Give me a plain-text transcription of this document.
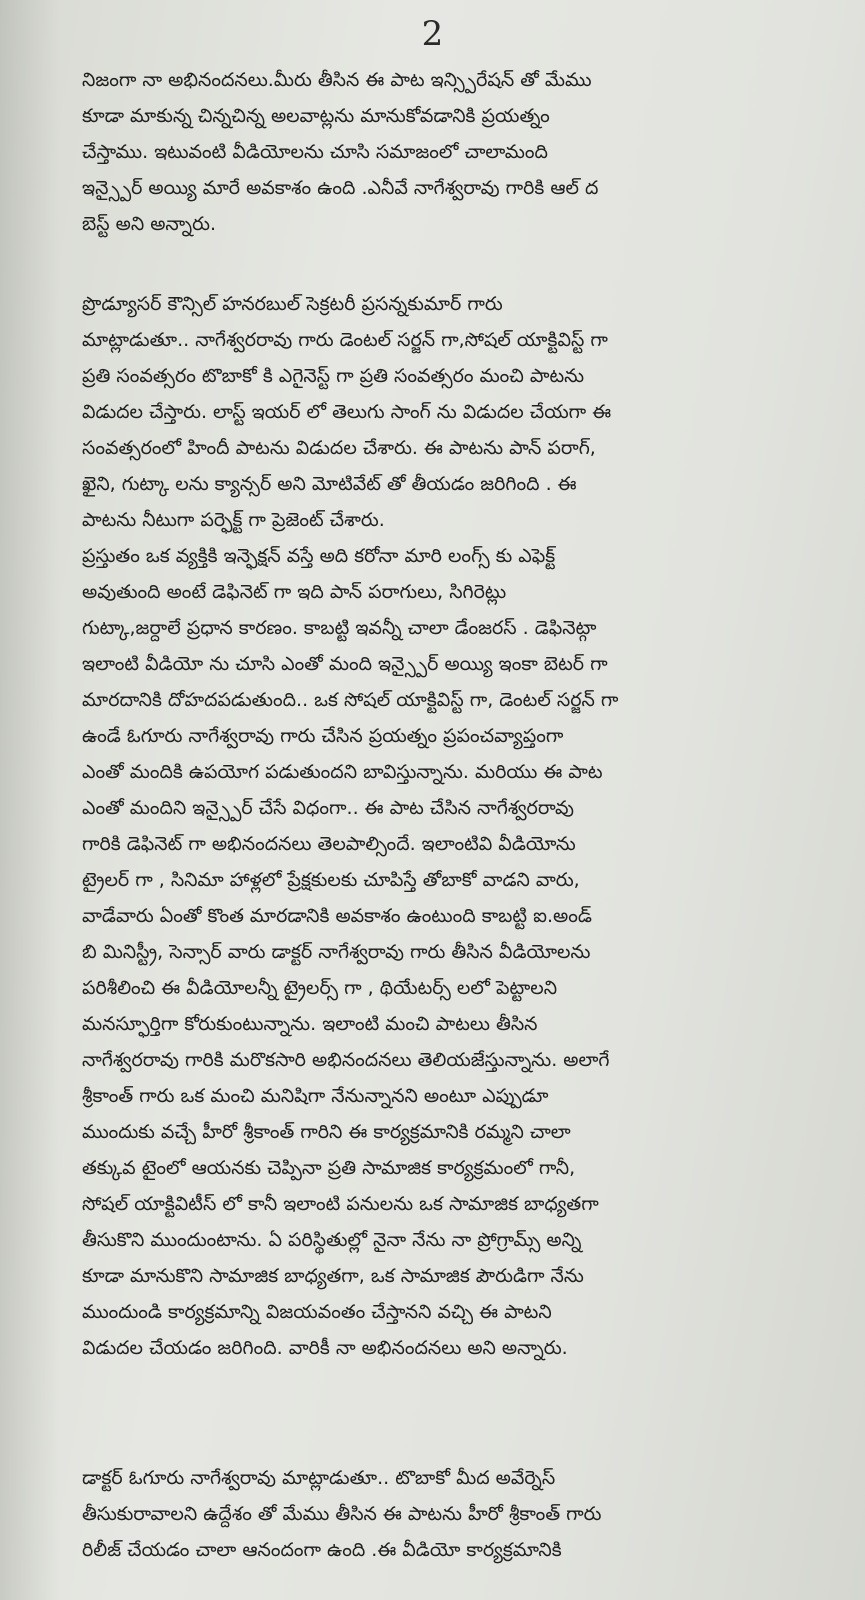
2
నిజంగా నా అభినందనలు.మీరు తీసిన ఈ పాట ఇన్స్పిరేషన్ తో మేము
కూడా మాకున్న చిన్నచిన్న అలవాట్లను మానుకోవడానికి ప్రయత్నం
చేస్తాము. ఇటువంటి వీడియోలను చూసి సమాజంలో చాలామంది
ఇన్స్పైర్ అయ్యి మారే అవకాశం ఉంది .ఎనీవే నాగేశ్వరావు గారికి ఆల్ ద
బెస్ట్ అని అన్నారు.
ప్రొడ్యూసర్ కౌన్సిల్ హనరబుల్ సెక్రటరీ ప్రసన్నకుమార్ గారు
మాట్లాడుతూ.. నాగేశ్వరరావు గారు డెంటల్ సర్జన్ గా,సోషల్ యాక్టివిస్ట్ గా
ప్రతి సంవత్సరం టొబాకో కి ఎగైనెస్ట్ గా ప్రతి సంవత్సరం మంచి పాటను
విడుదల చేస్తారు. లాస్ట్ ఇయర్ లో తెలుగు సాంగ్ ను విడుదల చేయగా ఈ
సంవత్సరంలో హిందీ పాటను విడుదల చేశారు. ఈ పాటను పాన్ పరాగ్,
ఖైని, గుట్కా లను క్యాన్సర్ అని మోటివేట్ తో తీయడం జరిగింది . ఈ
పాటను నీటుగా పర్ఫెక్ట్ గా ప్రెజెంట్ చేశారు.
ప్రస్తుతం ఒక వ్యక్తికి ఇన్ఫెక్షన్ వస్తే అది కరోనా మారి లంగ్స్ కు ఎఫెక్ట్
అవుతుంది అంటే డెఫినెట్ గా ఇది పాన్ పరాగులు, సిగిరెట్లు
గుట్కా,జర్దాలే ప్రధాన కారణం. కాబట్టి ఇవన్నీ చాలా డేంజరస్ . డెఫినెట్గా
ఇలాంటి వీడియో ను చూసి ఎంతో మంది ఇన్స్పైర్ అయ్యి ఇంకా బెటర్ గా
మారదానికి దోహదపడుతుంది.. ఒక సోషల్ యాక్టివిస్ట్ గా, డెంటల్ సర్జన్ గా
ఉండే ఓగూరు నాగేశ్వరావు గారు చేసిన ప్రయత్నం ప్రపంచవ్యాప్తంగా
ఎంతో మందికి ఉపయోగ పడుతుందని బావిస్తున్నాను. మరియు ఈ పాట
ఎంతో మందిని ఇన్స్పైర్ చేసే విధంగా.. ఈ పాట చేసిన నాగేశ్వరరావు
గారికి డెఫినెట్ గా అభినందనలు తెలపాల్సిందే. ఇలాంటివి వీడియోను
ట్రైలర్ గా , సినిమా హాళ్లలో ప్రేక్షకులకు చూపిస్తే తోబాకో వాడని వారు,
వాడేవారు ఏంతో కొంత మారడానికి అవకాశం ఉంటుంది కాబట్టి ఐ.అండ్
బి మినిస్ట్రీ, సెన్సార్ వారు డాక్టర్ నాగేశ్వరావు గారు తీసిన వీడియోలను
పరిశీలించి ఈ వీడియోలన్నీ ట్రైలర్స్ గా , థియేటర్స్ లలో పెట్టాలని
మనస్ఫూర్తిగా కోరుకుంటున్నాను. ఇలాంటి మంచి పాటలు తీసిన
నాగేశ్వరరావు గారికి మరొకసారి అభినందనలు తెలియజేస్తున్నాను. అలాగే
శ్రీకాంత్ గారు ఒక మంచి మనిషిగా నేనున్నానని అంటూ ఎప్పుడూ
ముందుకు వచ్చే హీరో శ్రీకాంత్ గారిని ఈ కార్యక్రమానికి రమ్మని చాలా
తక్కువ టైంలో ఆయనకు చెప్పినా ప్రతి సామాజిక కార్యక్రమంలో గానీ,
సోషల్ యాక్టివిటీస్ లో కానీ ఇలాంటి పనులను ఒక సామాజిక బాధ్యతగా
తీసుకొని ముందుంటాను. ఏ పరిస్థితుల్లో నైనా నేను నా ప్రోగ్రామ్స్ అన్ని
కూడా మానుకొని సామాజిక బాధ్యతగా, ఒక సామాజిక పౌరుడిగా నేను
ముందుండి కార్యక్రమాన్ని విజయవంతం చేస్తానని వచ్చి ఈ పాటని
విడుదల చేయడం జరిగింది. వారికీ నా అభినందనలు అని అన్నారు.
డాక్టర్ ఓగూరు నాగేశ్వరావు మాట్లాడుతూ.. టొబాకో మీద అవేర్నెస్
తీసుకురావాలని ఉద్దేశం తో మేము తీసిన ఈ పాటను హీరో శ్రీకాంత్ గారు
రిలీజ్ చేయడం చాలా ఆనందంగా ఉంది .ఈ వీడియో కార్యక్రమానికి
